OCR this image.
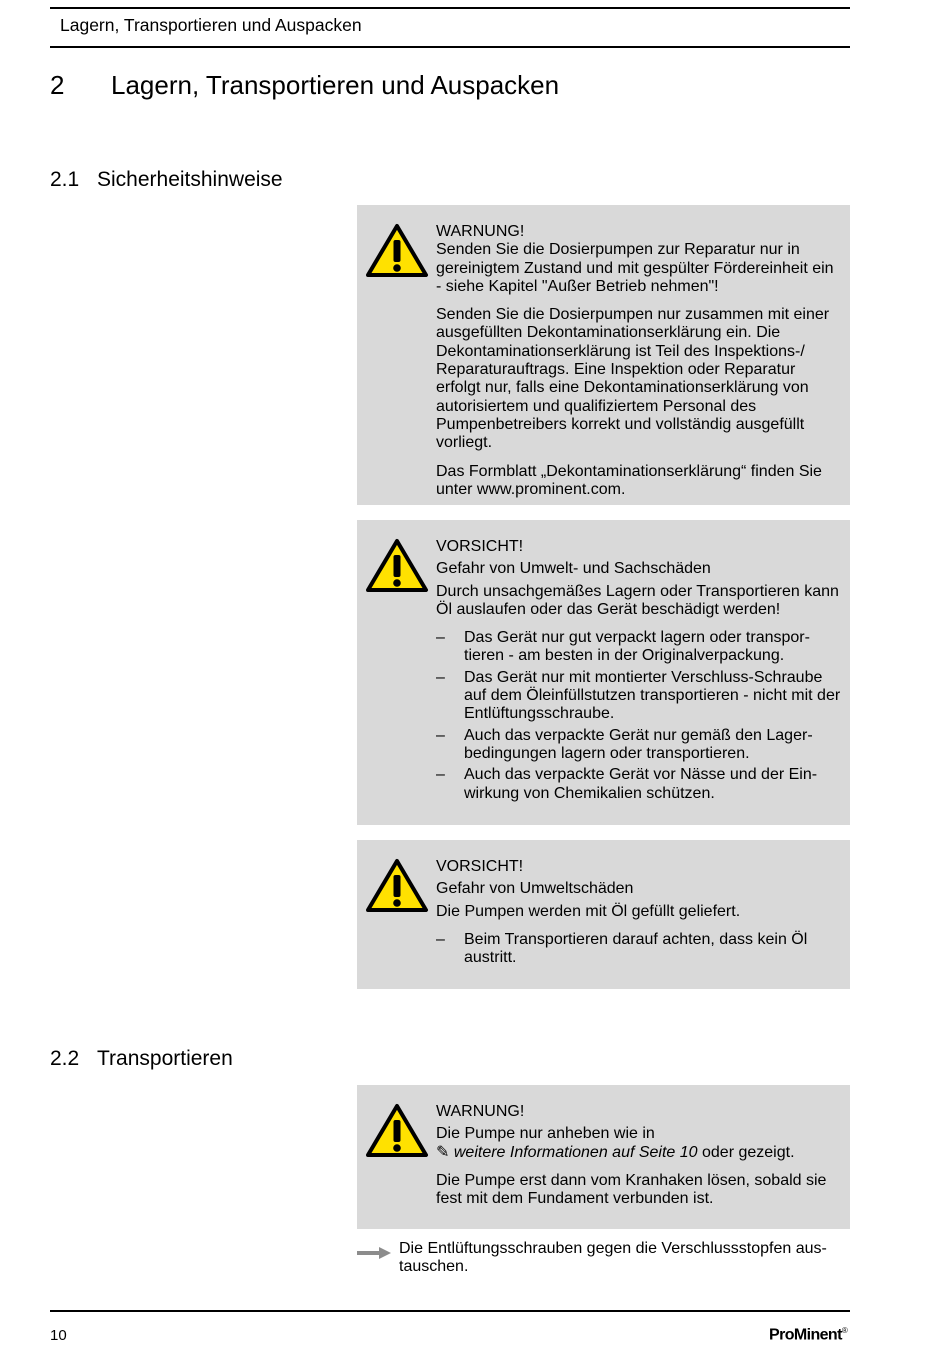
Lagern, Transportieren und Auspacken
2 Lagern, Transportieren und Auspacken
2.1 Sicherheitshinweise

WARNUNG!

Senden Sie die Dosierpumpen zur Reparatur nur in gereinigtem Zustand und mit gespülter Fördereinheit ein - siehe Kapitel "Außer Betrieb nehmen"!

Senden Sie die Dosierpumpen nur zusammen mit einer ausgefüllten Dekontaminationserklärung ein. Die Dekontaminationserklärung ist Teil des Inspektions-/ Reparaturauftrags. Eine Inspektion oder Reparatur erfolgt nur, falls eine Dekontaminationserklärung von autorisiertem und qualifiziertem Personal des Pumpenbetreibers korrekt und vollständig ausgefüllt vorliegt.

Das Formblatt „Dekontaminationserklärung“ finden Sie unter www.prominent.com.

VORSICHT!

Gefahr von Umwelt- und Sachschäden

Durch unsachgemäßes Lagern oder Transportieren kann Öl auslaufen oder das Gerät beschädigt werden!

– Das Gerät nur gut verpackt lagern oder transportieren - am besten in der Originalverpackung.
– Das Gerät nur mit montierter Verschluss-Schraube auf dem Öleinfüllstutzen transportieren - nicht mit der Entlüftungsschraube.
– Auch das verpackte Gerät nur gemäß den Lagerbedingungen lagern oder transportieren.
– Auch das verpackte Gerät vor Nässe und der Einwirkung von Chemikalien schützen.

VORSICHT!

Gefahr von Umweltschäden

Die Pumpen werden mit Öl gefüllt geliefert.

– Beim Transportieren darauf achten, dass kein Öl austritt.
2.2 Transportieren

WARNUNG!

Die Pumpe nur anheben wie in

✎ weitere Informationen auf Seite 10 oder gezeigt.

Die Pumpe erst dann vom Kranhaken lösen, sobald sie fest mit dem Fundament verbunden ist.

Die Entlüftungsschrauben gegen die Verschlussstopfen austauschen.
10	ProMinent®
